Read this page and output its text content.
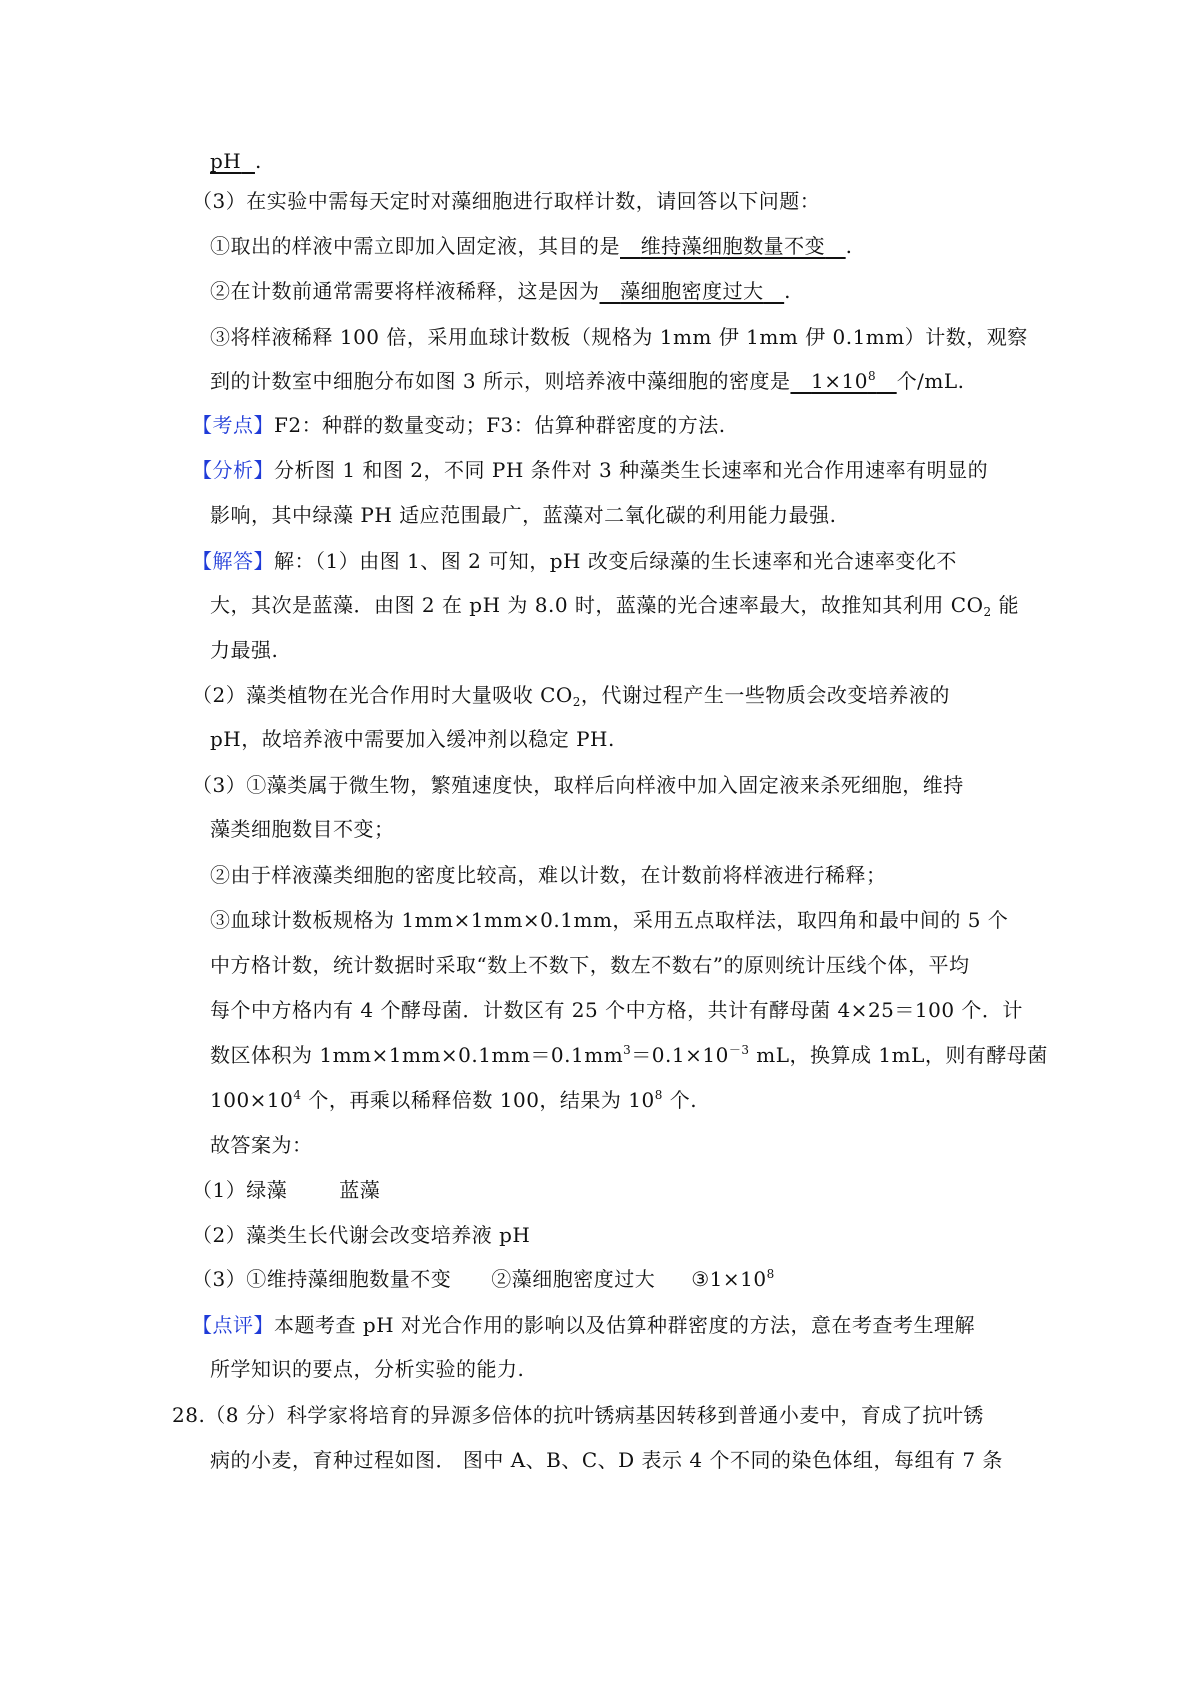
pH .
（3）在实验中需每天定时对藻细胞进行取样计数，请回答以下问题：
①取出的样液中需立即加入固定液，其目的是 维持藻细胞数量不变 .
②在计数前通常需要将样液稀释，这是因为 藻细胞密度过大 .
③将样液稀释 100 倍，采用血球计数板（规格为 1mm 伊 1mm 伊 0.1mm）计数，观察
到的计数室中细胞分布如图 3 所示，则培养液中藻细胞的密度是 $1\times 10^8$ 个/mL.
【考点】F2：种群的数量变动；F3：估算种群密度的方法.
【分析】分析图 1 和图 2，不同 PH 条件对 3 种藻类生长速率和光合作用速率有明显的
影响，其中绿藻 PH 适应范围最广，蓝藻对二氧化碳的利用能力最强.
【解答】解：（1）由图 1、图 2 可知，pH 改变后绿藻的生长速率和光合速率变化不
大，其次是蓝藻．由图 2 在 pH 为 8.0 时，蓝藻的光合速率最大，故推知其利用 $CO_2$ 能
力最强.
（2）藻类植物在光合作用时大量吸收 $CO_2$，代谢过程产生一些物质会改变培养液的
pH，故培养液中需要加入缓冲剂以稳定 PH.
（3）①藻类属于微生物，繁殖速度快，取样后向样液中加入固定液来杀死细胞，维持
藻类细胞数目不变；
②由于样液藻类细胞的密度比较高，难以计数，在计数前将样液进行稀释；
③血球计数板规格为 1mm×1mm×0.1mm，采用五点取样法，取四角和最中间的 5 个
中方格计数，统计数据时采取“数上不数下，数左不数右”的原则统计压线个体，平均
每个中方格内有 4 个酵母菌．计数区有 25 个中方格，共计有酵母菌 4×25＝100 个．计
数区体积为 $1mm\times 1mm\times 0.1mm=0.1mm^3=0.1\times 10^{-3}$ mL，换算成 1mL，则有酵母菌
$100\times 10^4$ 个，再乘以稀释倍数 100，结果为 $10^8$ 个.
故答案为：
（1）绿藻	蓝藻
（2）藻类生长代谢会改变培养液 pH
（3）①维持藻细胞数量不变 ②藻细胞密度过大 $③1\times 10^8$
【点评】本题考查 pH 对光合作用的影响以及估算种群密度的方法，意在考查考生理解
所学知识的要点，分析实验的能力.
28.（8 分）科学家将培育的异源多倍体的抗叶锈病基因转移到普通小麦中，育成了抗叶锈
病的小麦，育种过程如图． 图中 A、B、C、D 表示 4 个不同的染色体组，每组有 7 条
